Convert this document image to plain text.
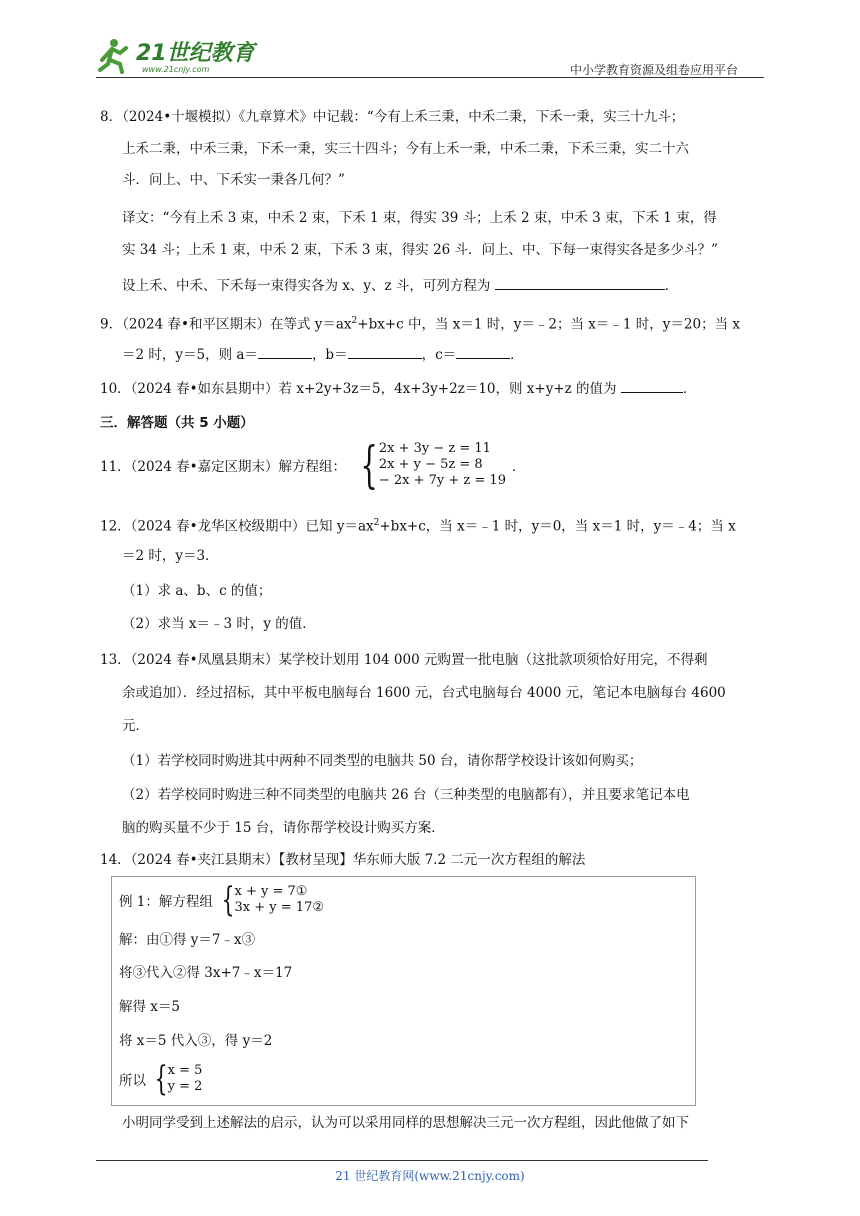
21世纪教育
www.21cnjy.com	中小学教育资源及组卷应用平台
8．（2024•十堰模拟）《九章算术》中记载：“今有上禾三秉，中禾二秉，下禾一秉，实三十九斗；
上禾二秉，中禾三秉，下禾一秉，实三十四斗；今有上禾一秉，中禾二秉，下禾三秉，实二十六
斗．问上、中、下禾实一秉各几何？”
译文：“今有上禾 3 束，中禾 2 束，下禾 1 束，得实 39 斗；上禾 2 束，中禾 3 束，下禾 1 束，得
实 34 斗；上禾 1 束，中禾 2 束，下禾 3 束，得实 26 斗．问上、中、下每一束得实各是多少斗？”
设上禾、中禾、下禾每一束得实各为 x、y、z 斗，可列方程为	．
9．（2024 春•和平区期末）在等式 $y=ax^2+bx+c$ 中，当 x＝1 时，y＝﹣2；当 x＝﹣1 时，y＝20；当 x
＝2 时，y＝5，则 a＝	，b＝	，c＝	．
10．（2024 春•如东县期中）若 x+2y+3z＝5，4x+3y+2z＝10，则 x+y+z 的值为	．
三．解答题（共 5 小题）
11．（2024 春•嘉定区期末）解方程组： { 2x + 3y − z = 11
2x + y − 5z = 8
− 2x + 7y + z = 19
．
12．（2024 春•龙华区校级期中）已知 $y=ax^2+bx+c$，当 x＝﹣1 时，y＝0，当 x＝1 时，y＝﹣4；当 x
＝2 时，y＝3．
（1）求 a、b、c 的值；
（2）求当 x＝﹣3 时，y 的值．
13．（2024 春•凤凰县期末）某学校计划用 104 000 元购置一批电脑（这批款项须恰好用完，不得剩
余或追加）．经过招标，其中平板电脑每台 1600 元，台式电脑每台 4000 元，笔记本电脑每台 4600
元．
（1）若学校同时购进其中两种不同类型的电脑共 50 台，请你帮学校设计该如何购买；
（2）若学校同时购进三种不同类型的电脑共 26 台（三种类型的电脑都有），并且要求笔记本电
脑的购买量不少于 15 台，请你帮学校设计购买方案．
14．（2024 春•夹江县期末）【教材呈现】华东师大版 7.2 二元一次方程组的解法
例 1：解方程组 { x + y = 7①
3x + y = 17②
解：由①得 y＝7﹣x③
将③代入②得 3x+7﹣x＝17
解得 x＝5
将 x＝5 代入③，得 y＝2
所以 { x = 5
y = 2
小明同学受到上述解法的启示，认为可以采用同样的思想解决三元一次方程组，因此他做了如下
21 世纪教育网(www.21cnjy.com)
